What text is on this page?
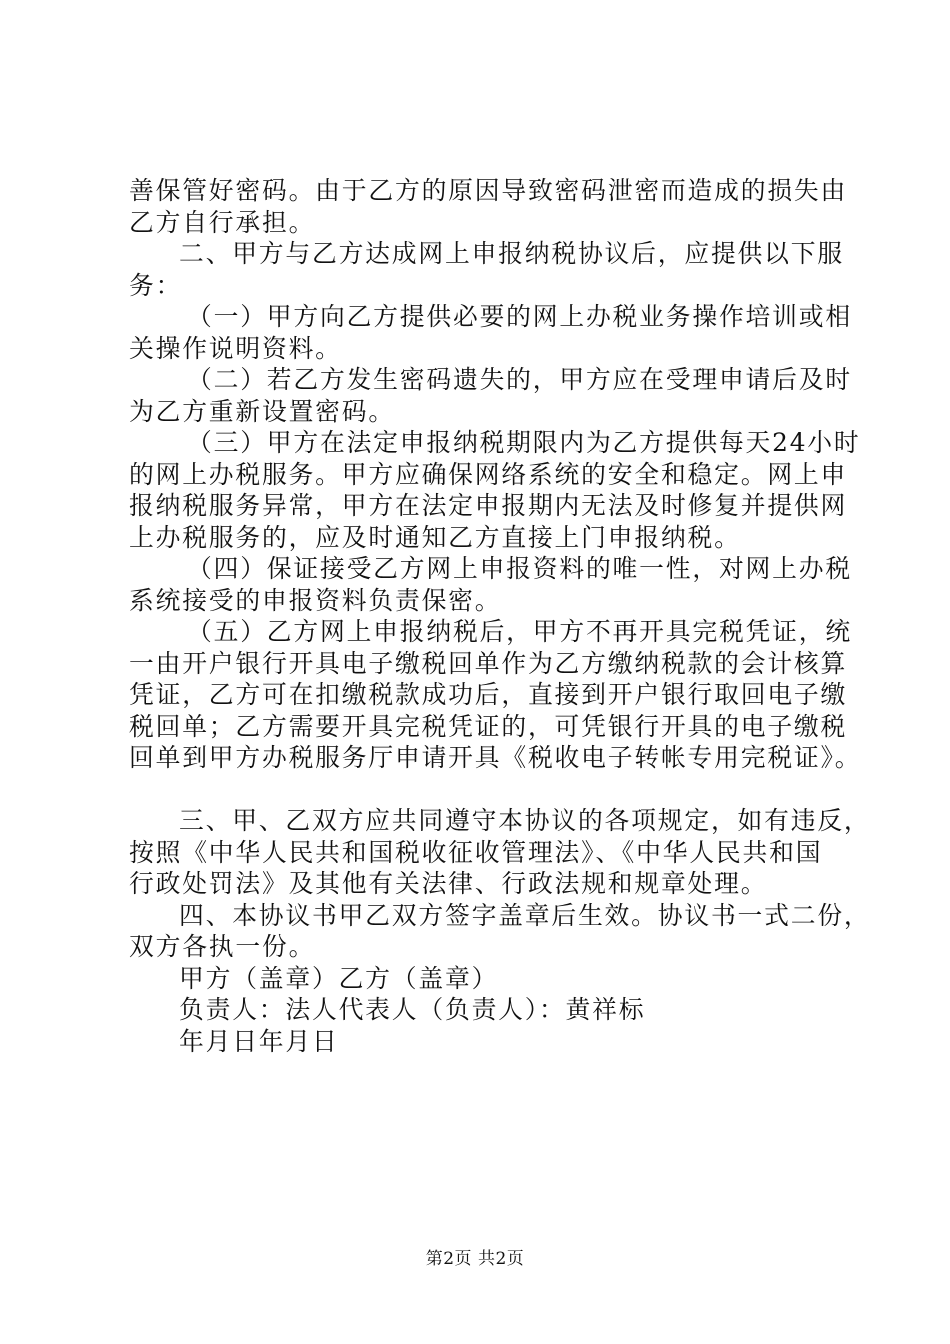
善保管好密码。由于乙方的原因导致密码泄密而造成的损失由
乙方自行承担。
二、甲方与乙方达成网上申报纳税协议后，应提供以下服
务：
（一）甲方向乙方提供必要的网上办税业务操作培训或相
关操作说明资料。
（二）若乙方发生密码遗失的，甲方应在受理申请后及时
为乙方重新设置密码。
（三）甲方在法定申报纳税期限内为乙方提供每天24小时
的网上办税服务。甲方应确保网络系统的安全和稳定。网上申
报纳税服务异常，甲方在法定申报期内无法及时修复并提供网
上办税服务的，应及时通知乙方直接上门申报纳税。
（四）保证接受乙方网上申报资料的唯一性，对网上办税
系统接受的申报资料负责保密。
（五）乙方网上申报纳税后，甲方不再开具完税凭证，统
一由开户银行开具电子缴税回单作为乙方缴纳税款的会计核算
凭证，乙方可在扣缴税款成功后，直接到开户银行取回电子缴
税回单；乙方需要开具完税凭证的，可凭银行开具的电子缴税
回单到甲方办税服务厅申请开具《税收电子转帐专用完税证》。
三、甲、乙双方应共同遵守本协议的各项规定，如有违反，
按照《中华人民共和国税收征收管理法》、《中华人民共和国
行政处罚法》及其他有关法律、行政法规和规章处理。
四、本协议书甲乙双方签字盖章后生效。协议书一式二份，
双方各执一份。
甲方（盖章）乙方（盖章）
负责人：法人代表人（负责人）：黄祥标
年月日年月日
第2页 共2页
